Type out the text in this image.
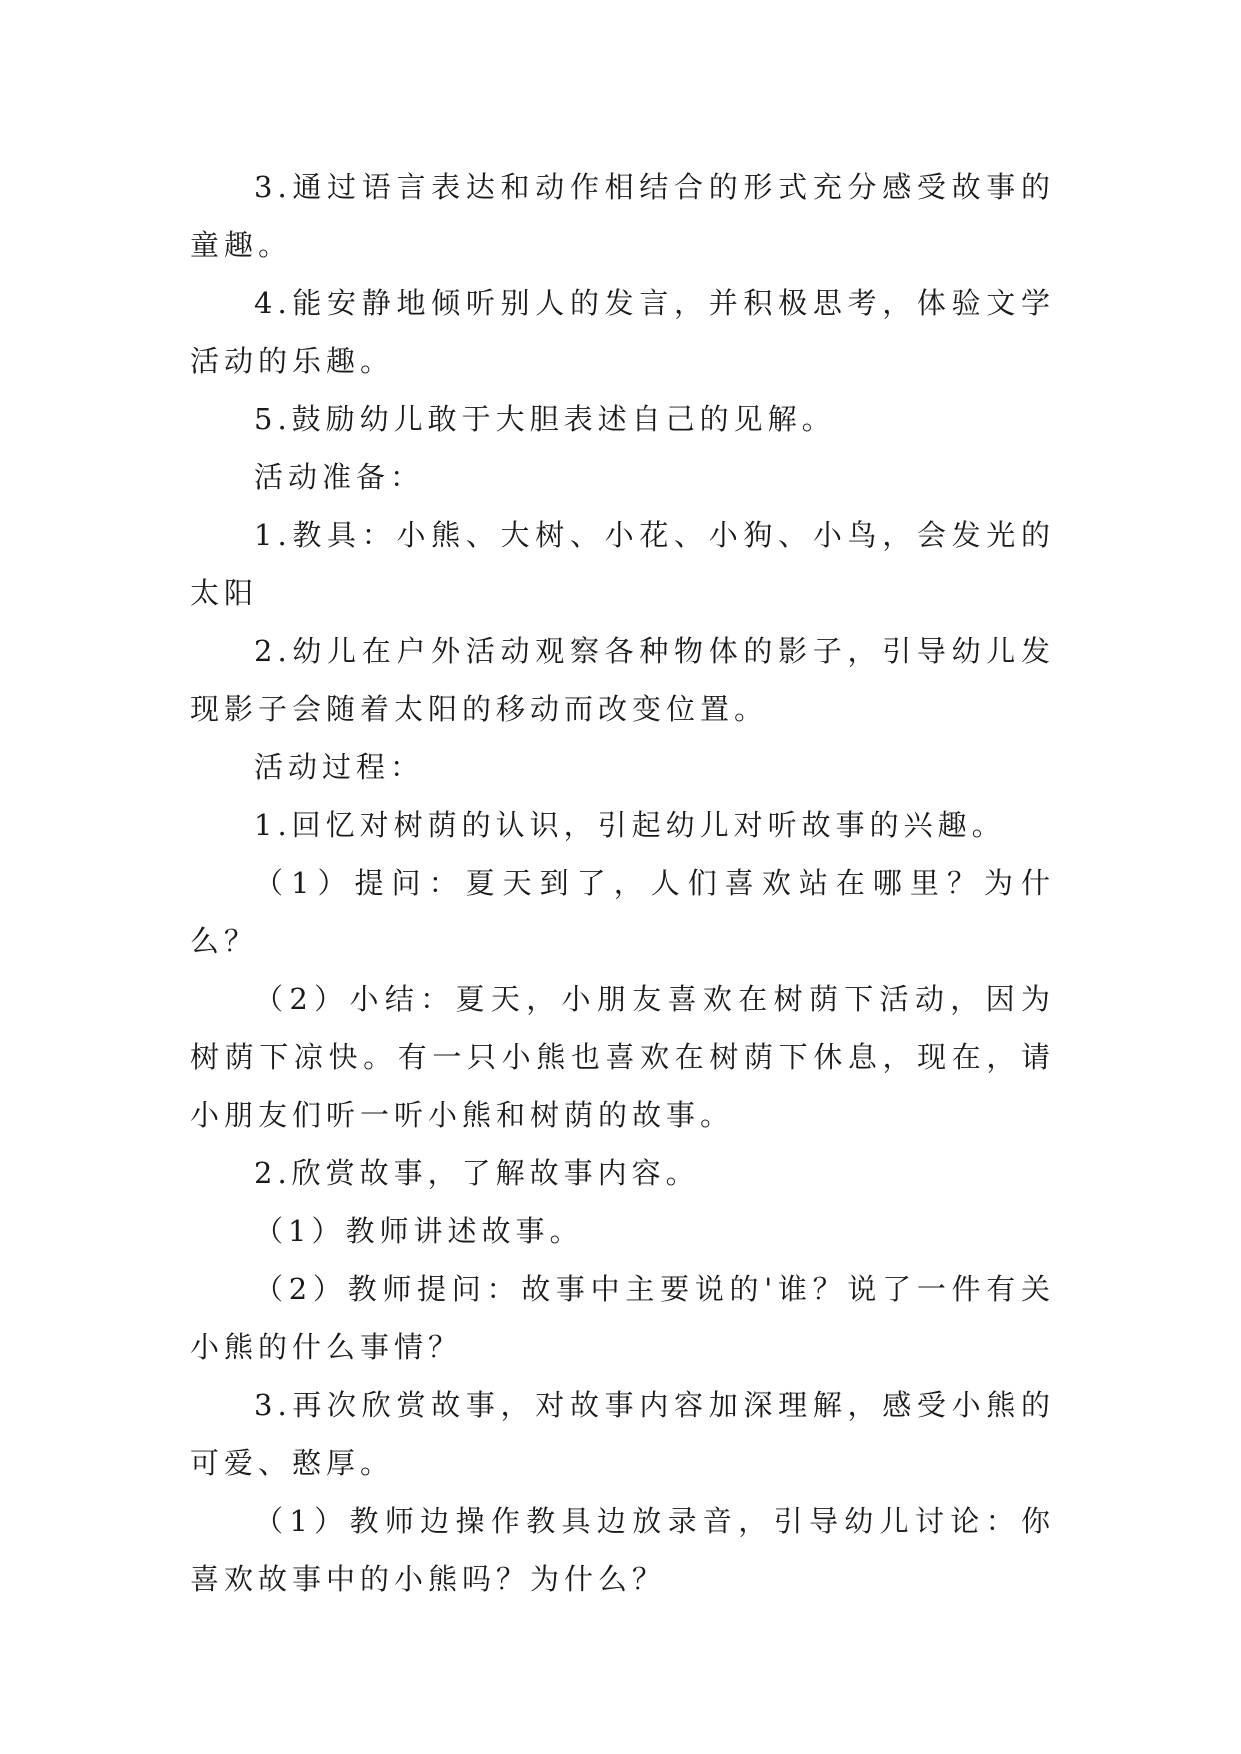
3.通过语言表达和动作相结合的形式充分感受故事的童趣。

4.能安静地倾听别人的发言，并积极思考，体验文学活动的乐趣。

5.鼓励幼儿敢于大胆表述自己的见解。

活动准备：

1.教具：小熊、大树、小花、小狗、小鸟，会发光的太阳

2.幼儿在户外活动观察各种物体的影子，引导幼儿发现影子会随着太阳的移动而改变位置。

活动过程：

1.回忆对树荫的认识，引起幼儿对听故事的兴趣。

（1）提问：夏天到了，人们喜欢站在哪里？为什么？

（2）小结：夏天，小朋友喜欢在树荫下活动，因为树荫下凉快。有一只小熊也喜欢在树荫下休息，现在，请小朋友们听一听小熊和树荫的故事。

2.欣赏故事，了解故事内容。

（1）教师讲述故事。

（2）教师提问：故事中主要说的'谁？说了一件有关小熊的什么事情？

3.再次欣赏故事，对故事内容加深理解，感受小熊的可爱、憨厚。

（1）教师边操作教具边放录音，引导幼儿讨论：你喜欢故事中的小熊吗？为什么？
